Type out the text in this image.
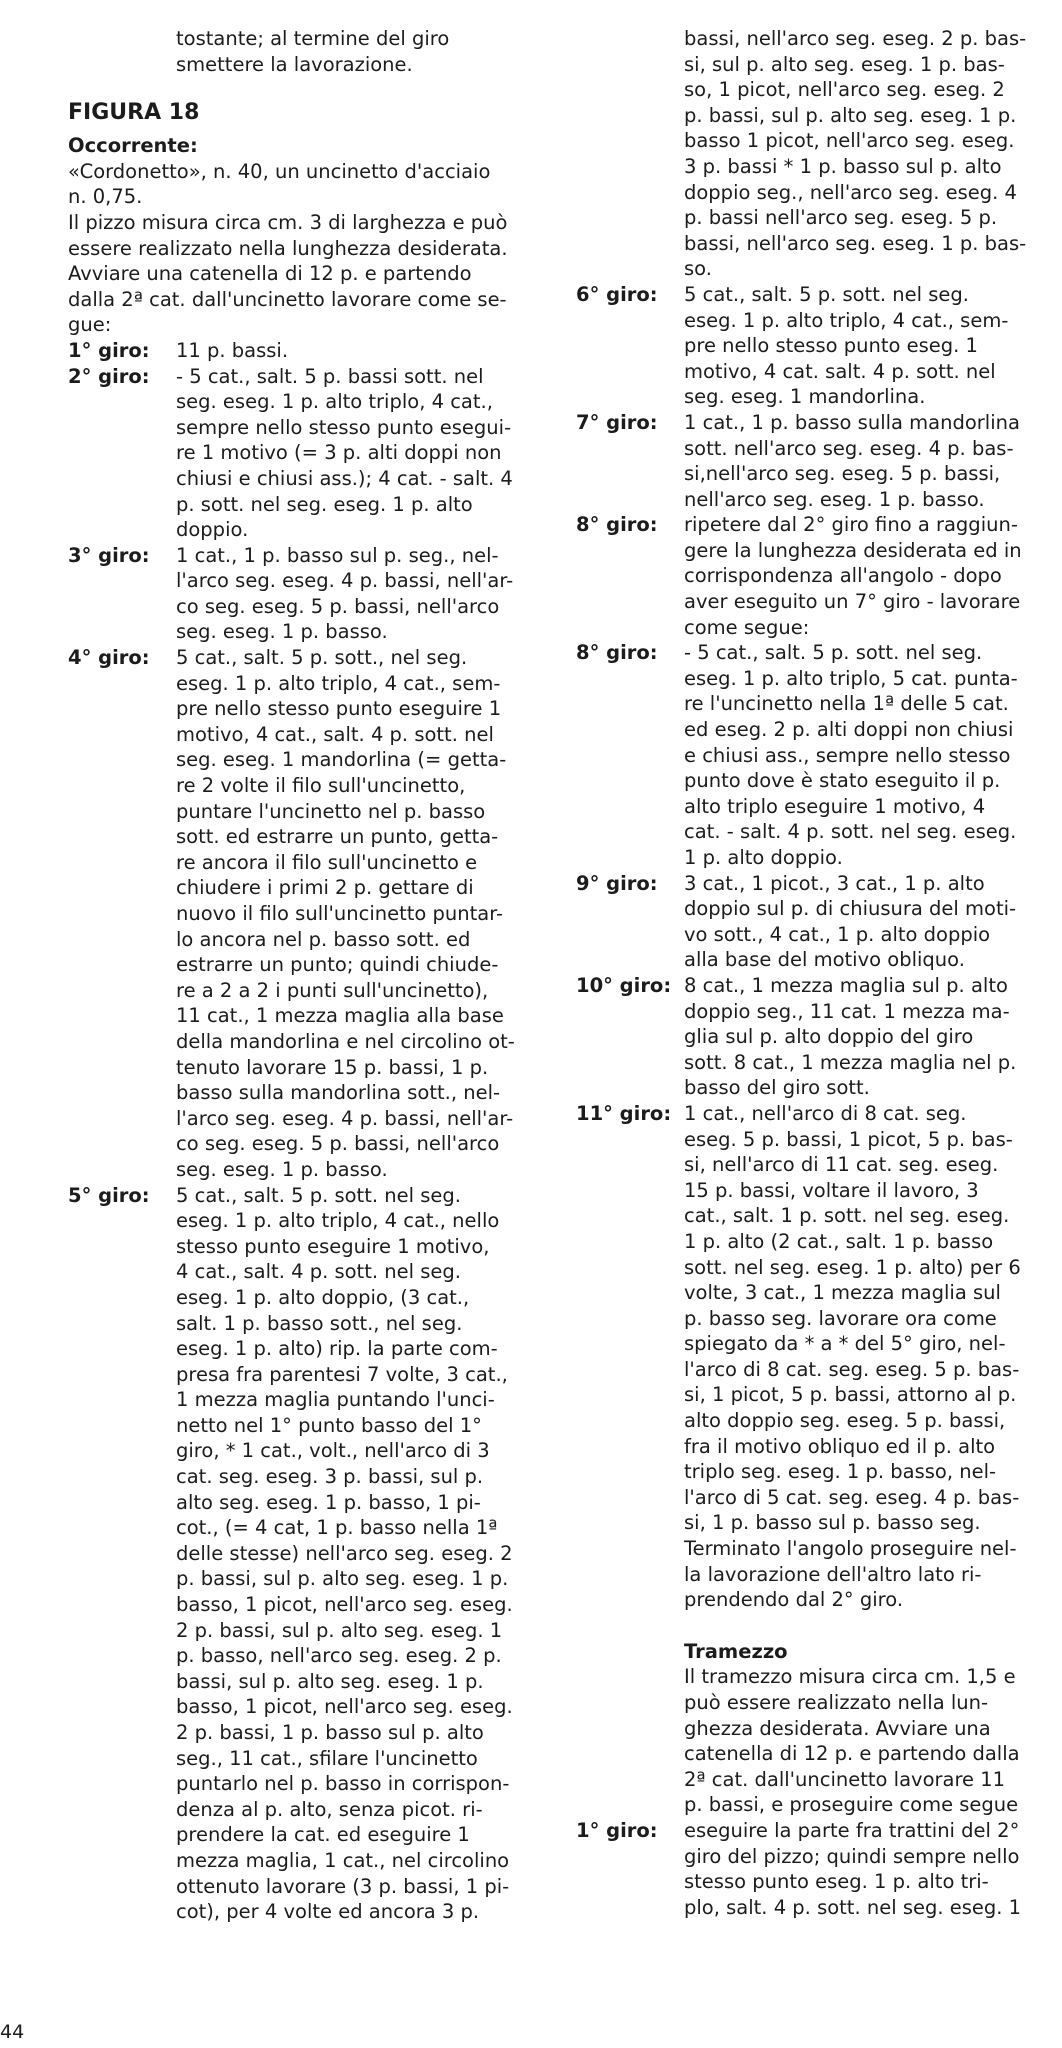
tostante; al termine del giro
smettere la lavorazione.

FIGURA 18

Occorrente:

«Cordonetto», n. 40, un uncinetto d'acciaio
n. 0,75.
Il pizzo misura circa cm. 3 di larghezza e può
essere realizzato nella lunghezza desiderata.
Avviare una catenella di 12 p. e partendo
dalla 2ª cat. dall'uncinetto lavorare come se-
gue:

1° giro:	11 p. bassi.

2° giro:	- 5 cat., salt. 5 p. bassi sott. nel
seg. eseg. 1 p. alto triplo, 4 cat.,
sempre nello stesso punto esegui-
re 1 motivo (= 3 p. alti doppi non
chiusi e chiusi ass.); 4 cat. - salt. 4
p. sott. nel seg. eseg. 1 p. alto
doppio.

3° giro:	1 cat., 1 p. basso sul p. seg., nel-
l'arco seg. eseg. 4 p. bassi, nell'ar-
co seg. eseg. 5 p. bassi, nell'arco
seg. eseg. 1 p. basso.

4° giro:	5 cat., salt. 5 p. sott., nel seg.
eseg. 1 p. alto triplo, 4 cat., sem-
pre nello stesso punto eseguire 1
motivo, 4 cat., salt. 4 p. sott. nel
seg. eseg. 1 mandorlina (= getta-
re 2 volte il filo sull'uncinetto,
puntare l'uncinetto nel p. basso
sott. ed estrarre un punto, getta-
re ancora il filo sull'uncinetto e
chiudere i primi 2 p. gettare di
nuovo il filo sull'uncinetto puntar-
lo ancora nel p. basso sott. ed
estrarre un punto; quindi chiude-
re a 2 a 2 i punti sull'uncinetto),
11 cat., 1 mezza maglia alla base
della mandorlina e nel circolino ot-
tenuto lavorare 15 p. bassi, 1 p.
basso sulla mandorlina sott., nel-
l'arco seg. eseg. 4 p. bassi, nell'ar-
co seg. eseg. 5 p. bassi, nell'arco
seg. eseg. 1 p. basso.

5° giro:	5 cat., salt. 5 p. sott. nel seg.
eseg. 1 p. alto triplo, 4 cat., nello
stesso punto eseguire 1 motivo,
4 cat., salt. 4 p. sott. nel seg.
eseg. 1 p. alto doppio, (3 cat.,
salt. 1 p. basso sott., nel seg.
eseg. 1 p. alto) rip. la parte com-
presa fra parentesi 7 volte, 3 cat.,
1 mezza maglia puntando l'unci-
netto nel 1° punto basso del 1°
giro, * 1 cat., volt., nell'arco di 3
cat. seg. eseg. 3 p. bassi, sul p.
alto seg. eseg. 1 p. basso, 1 pi-
cot., (= 4 cat, 1 p. basso nella 1ª
delle stesse) nell'arco seg. eseg. 2
p. bassi, sul p. alto seg. eseg. 1 p.
basso, 1 picot, nell'arco seg. eseg.
2 p. bassi, sul p. alto seg. eseg. 1
p. basso, nell'arco seg. eseg. 2 p.
bassi, sul p. alto seg. eseg. 1 p.
basso, 1 picot, nell'arco seg. eseg.
2 p. bassi, 1 p. basso sul p. alto
seg., 11 cat., sfilare l'uncinetto
puntarlo nel p. basso in corrispon-
denza al p. alto, senza picot. ri-
prendere la cat. ed eseguire 1
mezza maglia, 1 cat., nel circolino
ottenuto lavorare (3 p. bassi, 1 pi-
cot), per 4 volte ed ancora 3 p.

bassi, nell'arco seg. eseg. 2 p. bas-
si, sul p. alto seg. eseg. 1 p. bas-
so, 1 picot, nell'arco seg. eseg. 2
p. bassi, sul p. alto seg. eseg. 1 p.
basso 1 picot, nell'arco seg. eseg.
3 p. bassi * 1 p. basso sul p. alto
doppio seg., nell'arco seg. eseg. 4
p. bassi nell'arco seg. eseg. 5 p.
bassi, nell'arco seg. eseg. 1 p. bas-
so.

6° giro:	5 cat., salt. 5 p. sott. nel seg.
eseg. 1 p. alto triplo, 4 cat., sem-
pre nello stesso punto eseg. 1
motivo, 4 cat. salt. 4 p. sott. nel
seg. eseg. 1 mandorlina.

7° giro:	1 cat., 1 p. basso sulla mandorlina
sott. nell'arco seg. eseg. 4 p. bas-
si,nell'arco seg. eseg. 5 p. bassi,
nell'arco seg. eseg. 1 p. basso.

8° giro:	ripetere dal 2° giro fino a raggiun-
gere la lunghezza desiderata ed in
corrispondenza all'angolo - dopo
aver eseguito un 7° giro - lavorare
come segue:

8° giro:	- 5 cat., salt. 5 p. sott. nel seg.
eseg. 1 p. alto triplo, 5 cat. punta-
re l'uncinetto nella 1ª delle 5 cat.
ed eseg. 2 p. alti doppi non chiusi
e chiusi ass., sempre nello stesso
punto dove è stato eseguito il p.
alto triplo eseguire 1 motivo, 4
cat. - salt. 4 p. sott. nel seg. eseg.
1 p. alto doppio.

9° giro:	3 cat., 1 picot., 3 cat., 1 p. alto
doppio sul p. di chiusura del moti-
vo sott., 4 cat., 1 p. alto doppio
alla base del motivo obliquo.

10° giro: 8 cat., 1 mezza maglia sul p. alto
doppio seg., 11 cat. 1 mezza ma-
glia sul p. alto doppio del giro
sott. 8 cat., 1 mezza maglia nel p.
basso del giro sott.

11° giro: 1 cat., nell'arco di 8 cat. seg.
eseg. 5 p. bassi, 1 picot, 5 p. bas-
si, nell'arco di 11 cat. seg. eseg.
15 p. bassi, voltare il lavoro, 3
cat., salt. 1 p. sott. nel seg. eseg.
1 p. alto (2 cat., salt. 1 p. basso
sott. nel seg. eseg. 1 p. alto) per 6
volte, 3 cat., 1 mezza maglia sul
p. basso seg. lavorare ora come
spiegato da * a * del 5° giro, nel-
l'arco di 8 cat. seg. eseg. 5 p. bas-
si, 1 picot, 5 p. bassi, attorno al p.
alto doppio seg. eseg. 5 p. bassi,
fra il motivo obliquo ed il p. alto
triplo seg. eseg. 1 p. basso, nel-
l'arco di 5 cat. seg. eseg. 4 p. bas-
si, 1 p. basso sul p. basso seg.
Terminato l'angolo proseguire nel-
la lavorazione dell'altro lato ri-
prendendo dal 2° giro.

Tramezzo

Il tramezzo misura circa cm. 1,5 e
può essere realizzato nella lun-
ghezza desiderata. Avviare una
catenella di 12 p. e partendo dalla
2ª cat. dall'uncinetto lavorare 11
p. bassi, e proseguire come segue

1° giro:	eseguire la parte fra trattini del 2°
giro del pizzo; quindi sempre nello
stesso punto eseg. 1 p. alto tri-
plo, salt. 4 p. sott. nel seg. eseg. 1

44
